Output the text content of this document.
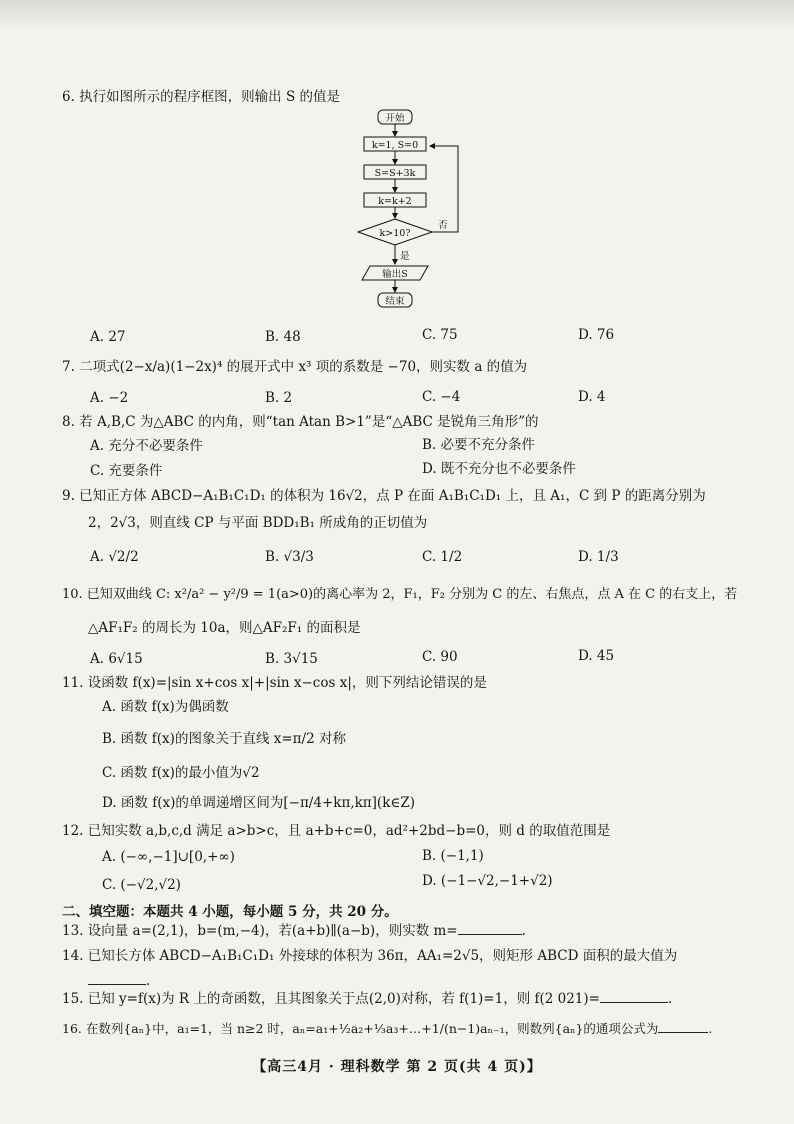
6. 执行如图所示的程序框图，则输出 S 的值是
开始
k=1, S=0
S=S+3k
k=k+2
k>10?
否
是
输出S
结束
A. 27	B. 48	C. 75	D. 76
7. 二项式(2−x/a)(1−2x)⁴ 的展开式中 x³ 项的系数是 −70，则实数 a 的值为
A. −2	B. 2	C. −4	D. 4
8. 若 A,B,C 为△ABC 的内角，则“tan Atan B>1”是“△ABC 是锐角三角形”的
A. 充分不必要条件	B. 必要不充分条件
C. 充要条件	D. 既不充分也不必要条件
9. 已知正方体 ABCD−A₁B₁C₁D₁ 的体积为 16√2，点 P 在面 A₁B₁C₁D₁ 上，且 A₁，C 到 P 的距离分别为
2，2√3，则直线 CP 与平面 BDD₁B₁ 所成角的正切值为
A. √2/2	B. √3/3	C. 1/2	D. 1/3
10. 已知双曲线 C: x²/a² − y²/9 = 1(a>0)的离心率为 2，F₁，F₂ 分别为 C 的左、右焦点，点 A 在 C 的右支上，若
△AF₁F₂ 的周长为 10a，则△AF₂F₁ 的面积是
A. 6√15	B. 3√15	C. 90	D. 45
11. 设函数 f(x)=|sin x+cos x|+|sin x−cos x|，则下列结论错误的是
A. 函数 f(x)为偶函数
B. 函数 f(x)的图象关于直线 x=π/2 对称
C. 函数 f(x)的最小值为√2
D. 函数 f(x)的单调递增区间为[−π/4+kπ,kπ](k∈Z)
12. 已知实数 a,b,c,d 满足 a>b>c，且 a+b+c=0，ad²+2bd−b=0，则 d 的取值范围是
A. (−∞,−1]∪[0,+∞)	B. (−1,1)
C. (−√2,√2)	D. (−1−√2,−1+√2)
二、填空题：本题共 4 小题，每小题 5 分，共 20 分。
13. 设向量 a=(2,1)，b=(m,−4)，若(a+b)∥(a−b)，则实数 m=	.
14. 已知长方体 ABCD−A₁B₁C₁D₁ 外接球的体积为 36π，AA₁=2√5，则矩形 ABCD 面积的最大值为
.
15. 已知 y=f(x)为 R 上的奇函数，且其图象关于点(2,0)对称，若 f(1)=1，则 f(2 021)=	.
16. 在数列{aₙ}中，a₁=1，当 n≥2 时，aₙ=a₁+½a₂+⅓a₃+…+1/(n−1)aₙ₋₁，则数列{aₙ}的通项公式为	.
【高三4月 · 理科数学 第 2 页(共 4 页)】
